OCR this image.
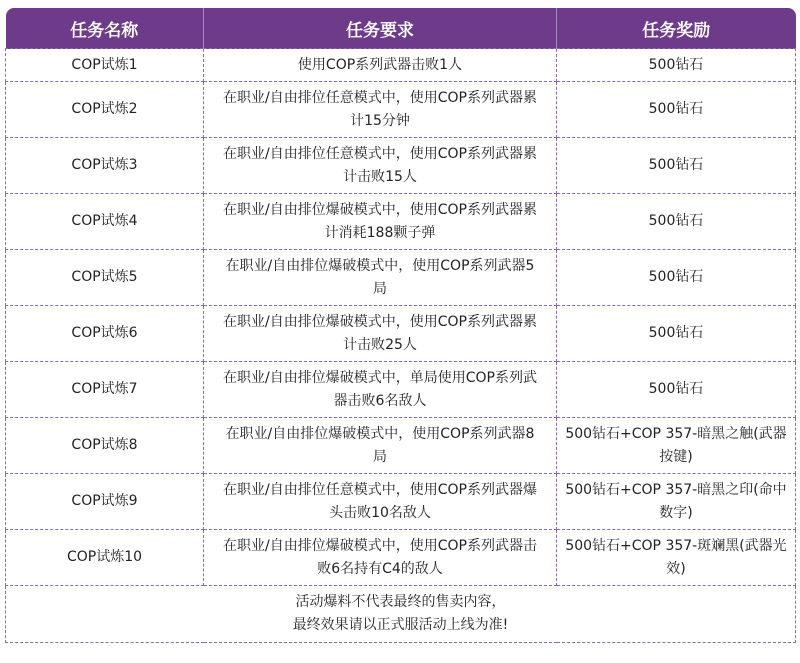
任务名称	任务要求	任务奖励
COP试炼1	使用COP系列武器击败1人	500钻石
COP试炼2	在职业/自由排位任意模式中，使用COP系列武器累计15分钟	500钻石
COP试炼3	在职业/自由排位任意模式中，使用COP系列武器累计击败15人	500钻石
COP试炼4	在职业/自由排位爆破模式中，使用COP系列武器累计消耗188颗子弹	500钻石
COP试炼5	在职业/自由排位爆破模式中，使用COP系列武器5局	500钻石
COP试炼6	在职业/自由排位爆破模式中，使用COP系列武器累计击败25人	500钻石
COP试炼7	在职业/自由排位爆破模式中，单局使用COP系列武器击败6名敌人	500钻石
COP试炼8	在职业/自由排位爆破模式中，使用COP系列武器8局	500钻石+COP 357-暗黑之触(武器按键)
COP试炼9	在职业/自由排位任意模式中，使用COP系列武器爆头击败10名敌人	500钻石+COP 357-暗黑之印(命中数字)
COP试炼10	在职业/自由排位爆破模式中，使用COP系列武器击败6名持有C4的敌人	500钻石+COP 357-斑斓黑(武器光效)

活动爆料不代表最终的售卖内容，
最终效果请以正式服活动上线为准!		
